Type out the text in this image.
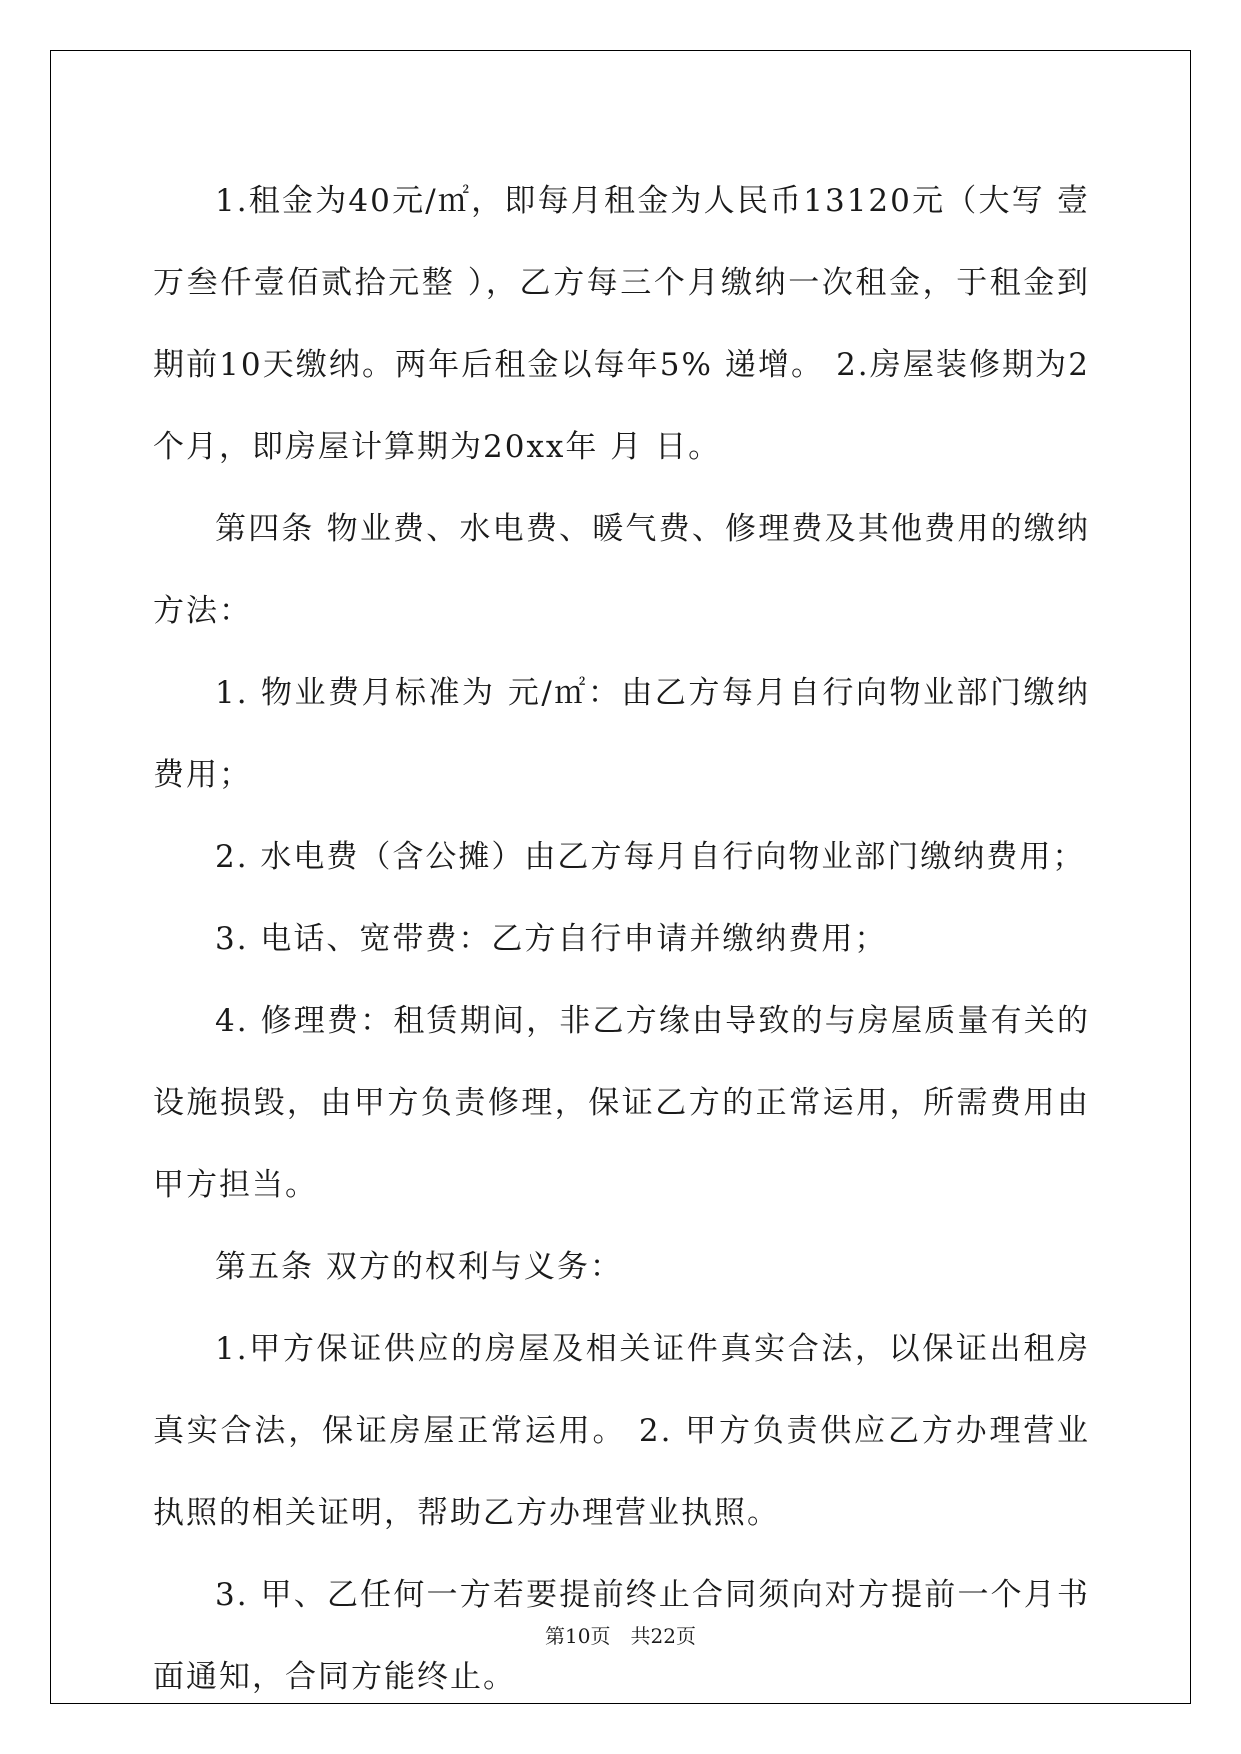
1.租金为40元/㎡，即每月租金为人民币13120元（大写 壹万叁仟壹佰贰拾元整 ），乙方每三个月缴纳一次租金，于租金到期前10天缴纳。两年后租金以每年5% 递增。 2.房屋装修期为2个月，即房屋计算期为20xx年 月 日。

第四条 物业费、水电费、暖气费、修理费及其他费用的缴纳方法：

1. 物业费月标准为 元/㎡：由乙方每月自行向物业部门缴纳费用；

2. 水电费（含公摊）由乙方每月自行向物业部门缴纳费用；

3. 电话、宽带费：乙方自行申请并缴纳费用；

4. 修理费：租赁期间，非乙方缘由导致的与房屋质量有关的设施损毁，由甲方负责修理，保证乙方的正常运用，所需费用由甲方担当。

第五条 双方的权利与义务：

1.甲方保证供应的房屋及相关证件真实合法，以保证出租房真实合法，保证房屋正常运用。 2. 甲方负责供应乙方办理营业执照的相关证明，帮助乙方办理营业执照。

3. 甲、乙任何一方若要提前终止合同须向对方提前一个月书面通知，合同方能终止。

第10页　共22页
